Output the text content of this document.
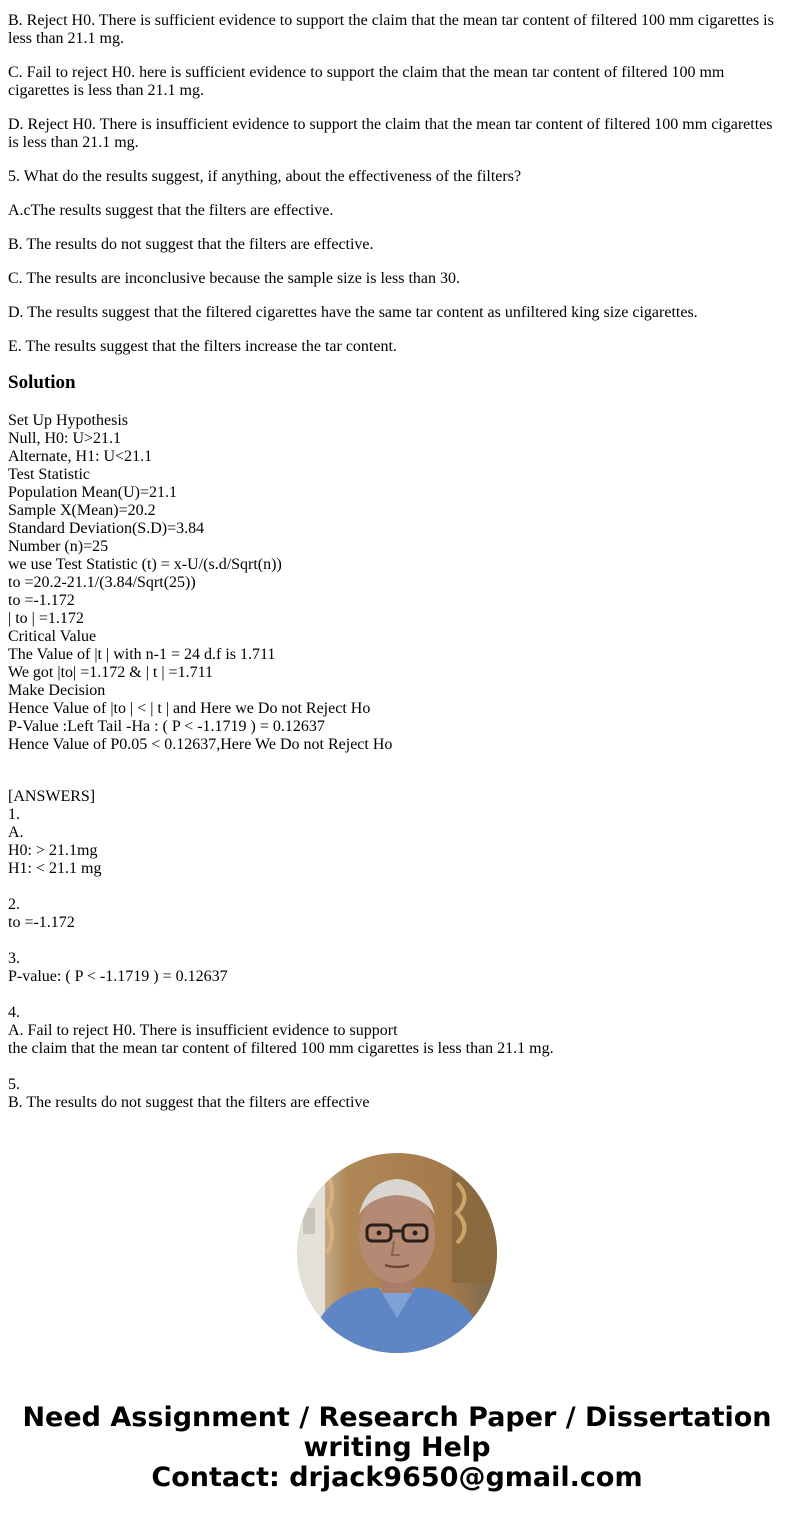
B. Reject H0. There is sufficient evidence to support the claim that the mean tar content of filtered 100 mm cigarettes is less than 21.1 mg.

C. Fail to reject H0. here is sufficient evidence to support the claim that the mean tar content of filtered 100 mm cigarettes is less than 21.1 mg.

D. Reject H0. There is insufficient evidence to support the claim that the mean tar content of filtered 100 mm cigarettes is less than 21.1 mg.

5. What do the results suggest, if anything, about the effectiveness of the filters?

A.cThe results suggest that the filters are effective.

B. The results do not suggest that the filters are effective.

C. The results are inconclusive because the sample size is less than 30.

D. The results suggest that the filtered cigarettes have the same tar content as unfiltered king size cigarettes.

E. The results suggest that the filters increase the tar content.

Solution
Set Up Hypothesis
Null, H0: U>21.1
Alternate, H1: U<21.1
Test Statistic
Population Mean(U)=21.1
Sample X(Mean)=20.2
Standard Deviation(S.D)=3.84
Number (n)=25
we use Test Statistic (t) = x-U/(s.d/Sqrt(n))
to =20.2-21.1/(3.84/Sqrt(25))
to =-1.172
| to | =1.172
Critical Value
The Value of |t | with n-1 = 24 d.f is 1.711
We got |to| =1.172 & | t | =1.711
Make Decision
Hence Value of |to | < | t | and Here we Do not Reject Ho
P-Value :Left Tail -Ha : ( P < -1.1719 ) = 0.12637
Hence Value of P0.05 < 0.12637,Here We Do not Reject Ho
[ANSWERS]
1.
A.
H0: > 21.1mg
H1: < 21.1 mg
2.
to =-1.172
3.
P-value: ( P < -1.1719 ) = 0.12637
4.
A. Fail to reject H0. There is insufficient evidence to support
the claim that the mean tar content of filtered 100 mm cigarettes is less than 21.1 mg.
5.
B. The results do not suggest that the filters are effective
Need Assignment / Research Paper / Dissertation
writing Help
Contact: drjack9650@gmail.com
